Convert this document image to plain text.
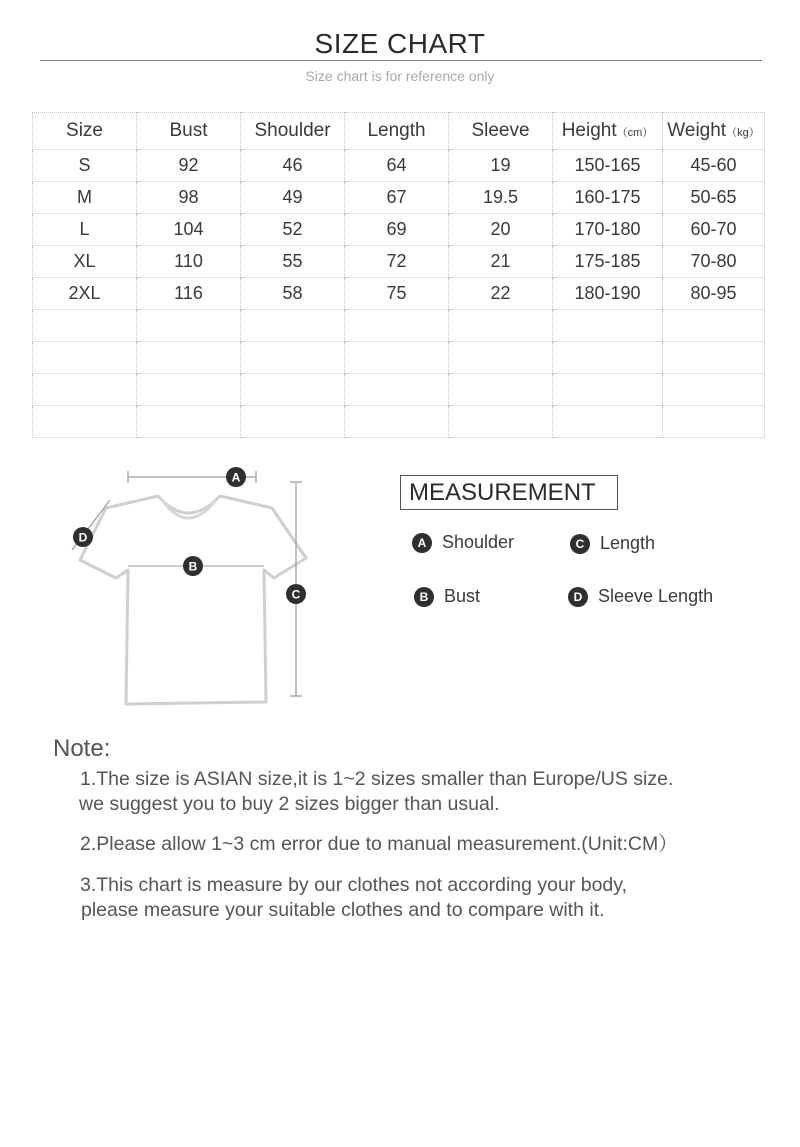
SIZE CHART
Size chart is for reference only
Size	Bust	Shoulder	Length	Sleeve	Height（cm）	Weight（kg）
S	92	46	64	19	150-165	45-60
M	98	49	67	19.5	160-175	50-65
L	104	52	69	20	170-180	60-70
XL	110	55	72	21	175-185	70-80
2XL	116	58	75	22	180-190	80-95

A
B
C
D
MEASUREMENT
A Shoulder	C Length
B Bust	D Sleeve Length
Note:
1.The size is ASIAN size,it is 1~2 sizes smaller than Europe/US size.
we suggest you to buy 2 sizes bigger than usual.
2.Please allow 1~3 cm error due to manual measurement.(Unit:CM）
3.This chart is measure by our clothes not according your body,
please measure your suitable clothes and to compare with it.
